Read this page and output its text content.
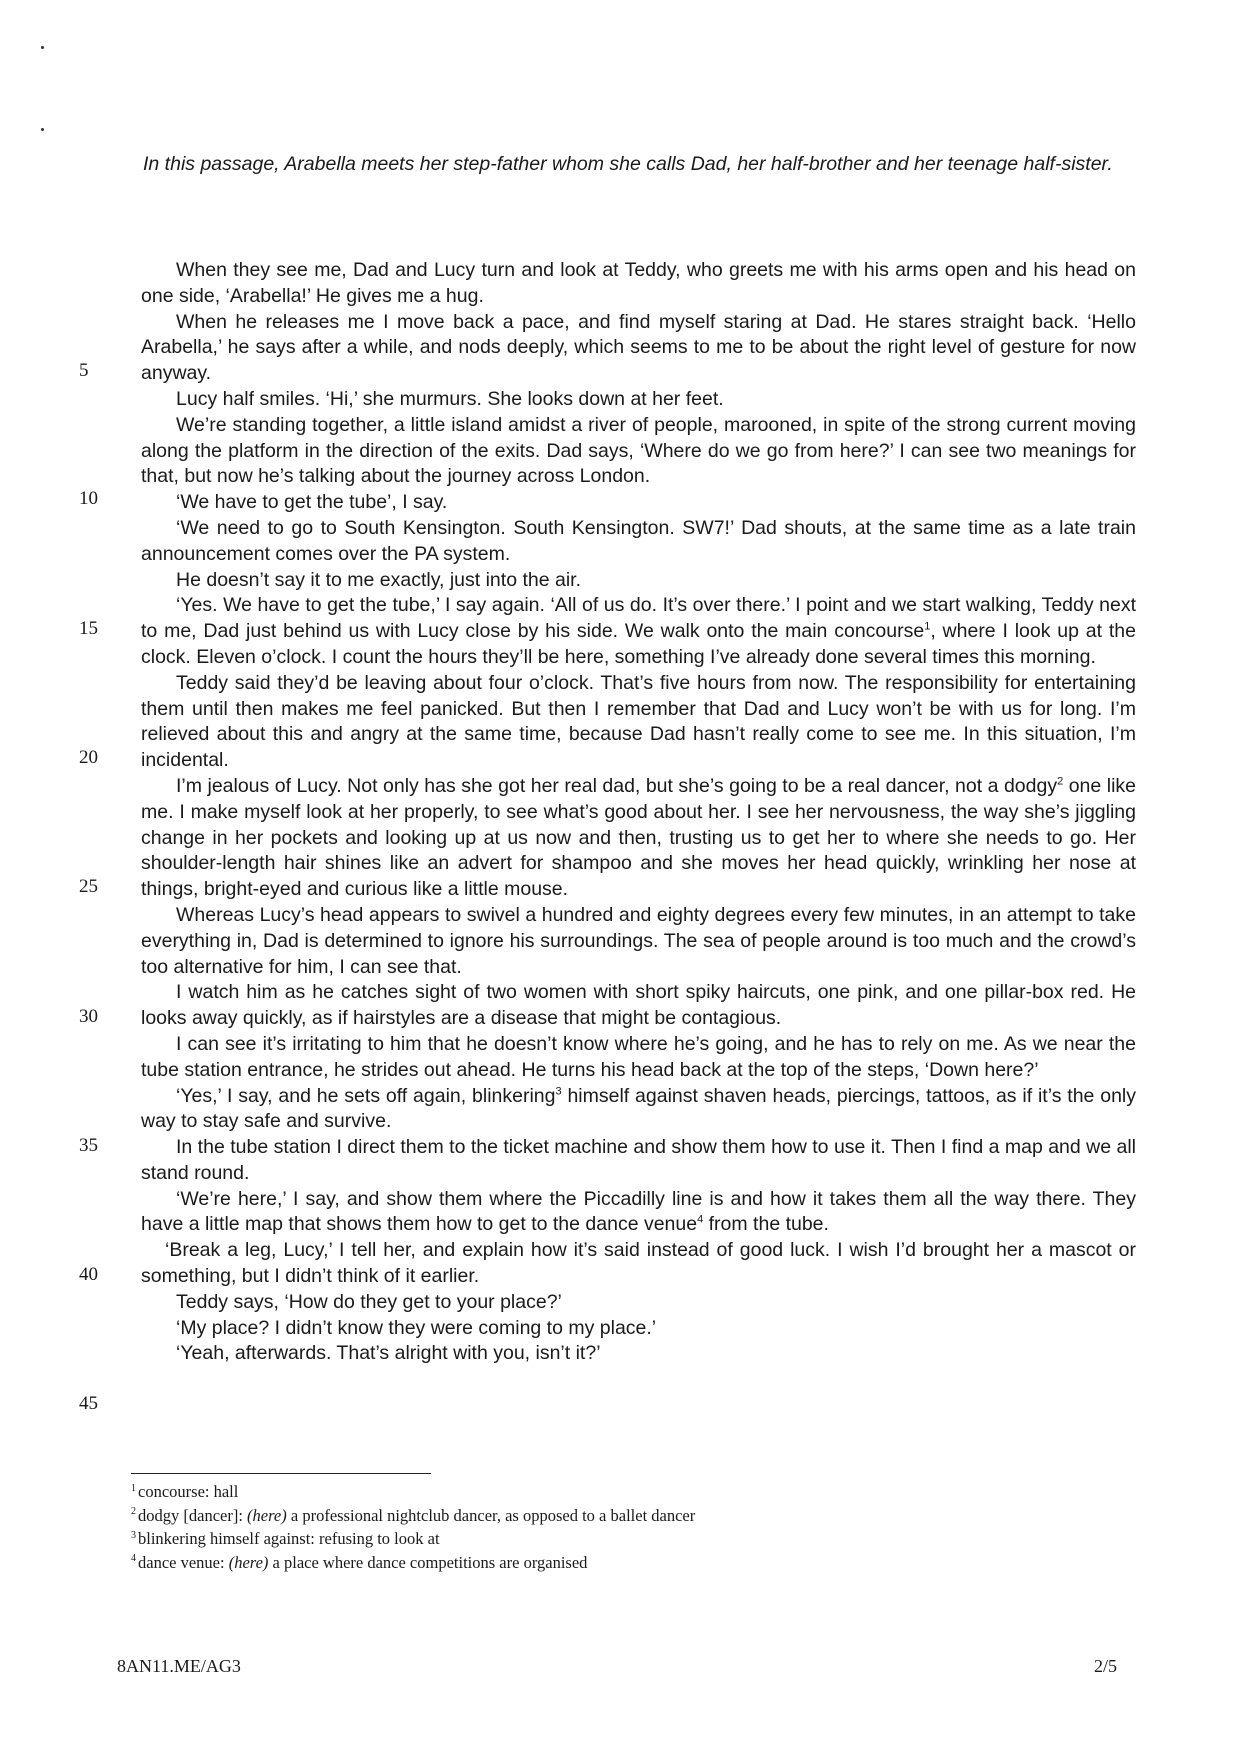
In this passage, Arabella meets her step-father whom she calls Dad, her half-brother and her teenage half-sister.

When they see me, Dad and Lucy turn and look at Teddy, who greets me with his arms open and his head on one side, ‘Arabella!’ He gives me a hug.

When he releases me I move back a pace, and find myself staring at Dad. He stares straight back. ‘Hello Arabella,’ he says after a while, and nods deeply, which seems to me to be about the right level of gesture for now anyway.

Lucy half smiles. ‘Hi,’ she murmurs. She looks down at her feet.

We’re standing together, a little island amidst a river of people, marooned, in spite of the strong current moving along the platform in the direction of the exits. Dad says, ‘Where do we go from here?’ I can see two meanings for that, but now he’s talking about the journey across London.

‘We have to get the tube’, I say.

‘We need to go to South Kensington. South Kensington. SW7!’ Dad shouts, at the same time as a late train announcement comes over the PA system.

He doesn’t say it to me exactly, just into the air.

‘Yes. We have to get the tube,’ I say again. ‘All of us do. It’s over there.’ I point and we start walking, Teddy next to me, Dad just behind us with Lucy close by his side. We walk onto the main concourse$^1$, where I look up at the clock. Eleven o’clock. I count the hours they’ll be here, something I’ve already done several times this morning.

Teddy said they’d be leaving about four o’clock. That’s five hours from now. The responsibility for entertaining them until then makes me feel panicked. But then I remember that Dad and Lucy won’t be with us for long. I’m relieved about this and angry at the same time, because Dad hasn’t really come to see me. In this situation, I’m incidental.

I’m jealous of Lucy. Not only has she got her real dad, but she’s going to be a real dancer, not a dodgy$^2$ one like me. I make myself look at her properly, to see what’s good about her. I see her nervousness, the way she’s jiggling change in her pockets and looking up at us now and then, trusting us to get her to where she needs to go. Her shoulder-length hair shines like an advert for shampoo and she moves her head quickly, wrinkling her nose at things, bright-eyed and curious like a little mouse.

Whereas Lucy’s head appears to swivel a hundred and eighty degrees every few minutes, in an attempt to take everything in, Dad is determined to ignore his surroundings. The sea of people around is too much and the crowd’s too alternative for him, I can see that.

I watch him as he catches sight of two women with short spiky haircuts, one pink, and one pillar-box red. He looks away quickly, as if hairstyles are a disease that might be contagious.

I can see it’s irritating to him that he doesn’t know where he’s going, and he has to rely on me. As we near the tube station entrance, he strides out ahead. He turns his head back at the top of the steps, ‘Down here?’

‘Yes,’ I say, and he sets off again, blinkering$^3$ himself against shaven heads, piercings, tattoos, as if it’s the only way to stay safe and survive.

In the tube station I direct them to the ticket machine and show them how to use it. Then I find a map and we all stand round.

‘We’re here,’ I say, and show them where the Piccadilly line is and how it takes them all the way there. They have a little map that shows them how to get to the dance venue$^4$ from the tube.

‘Break a leg, Lucy,’ I tell her, and explain how it’s said instead of good luck. I wish I’d brought her a mascot or something, but I didn’t think of it earlier.

Teddy says, ‘How do they get to your place?’

‘My place? I didn’t know they were coming to my place.’

‘Yeah, afterwards. That’s alright with you, isn’t it?’

5
10
15
20
25
30
35
40
45
$^1$ concourse: hall
$^2$ dodgy [dancer]: (here) a professional nightclub dancer, as opposed to a ballet dancer
$^3$ blinkering himself against: refusing to look at
$^4$ dance venue: (here) a place where dance competitions are organised
8AN11.ME/AG3	2/5
